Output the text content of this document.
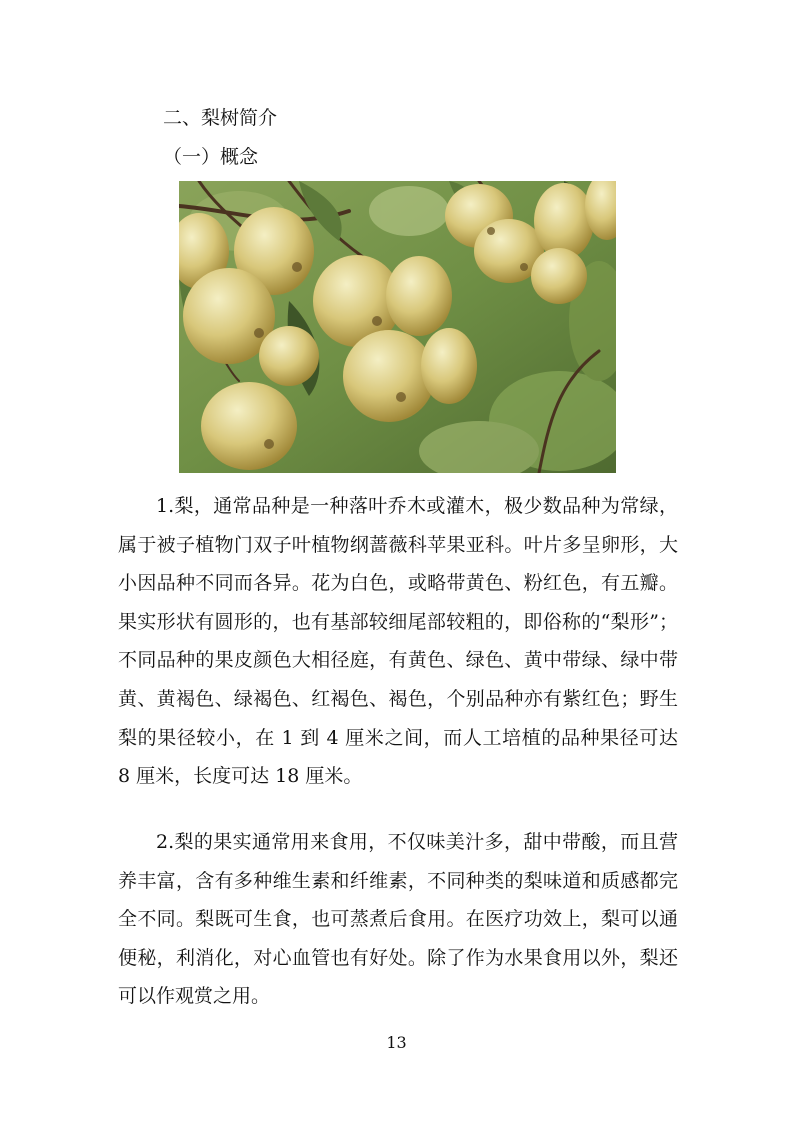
二、梨树简介
（一）概念

1.梨，通常品种是一种落叶乔木或灌木，极少数品种为常绿，属于被子植物门双子叶植物纲蔷薇科苹果亚科。叶片多呈卵形，大小因品种不同而各异。花为白色，或略带黄色、粉红色，有五瓣。果实形状有圆形的，也有基部较细尾部较粗的，即俗称的“梨形”；不同品种的果皮颜色大相径庭，有黄色、绿色、黄中带绿、绿中带黄、黄褐色、绿褐色、红褐色、褐色，个别品种亦有紫红色；野生梨的果径较小，在 1 到 4 厘米之间，而人工培植的品种果径可达 8 厘米，长度可达 18 厘米。

2.梨的果实通常用来食用，不仅味美汁多，甜中带酸，而且营养丰富，含有多种维生素和纤维素，不同种类的梨味道和质感都完全不同。梨既可生食，也可蒸煮后食用。在医疗功效上，梨可以通便秘，利消化，对心血管也有好处。除了作为水果食用以外，梨还可以作观赏之用。

13
